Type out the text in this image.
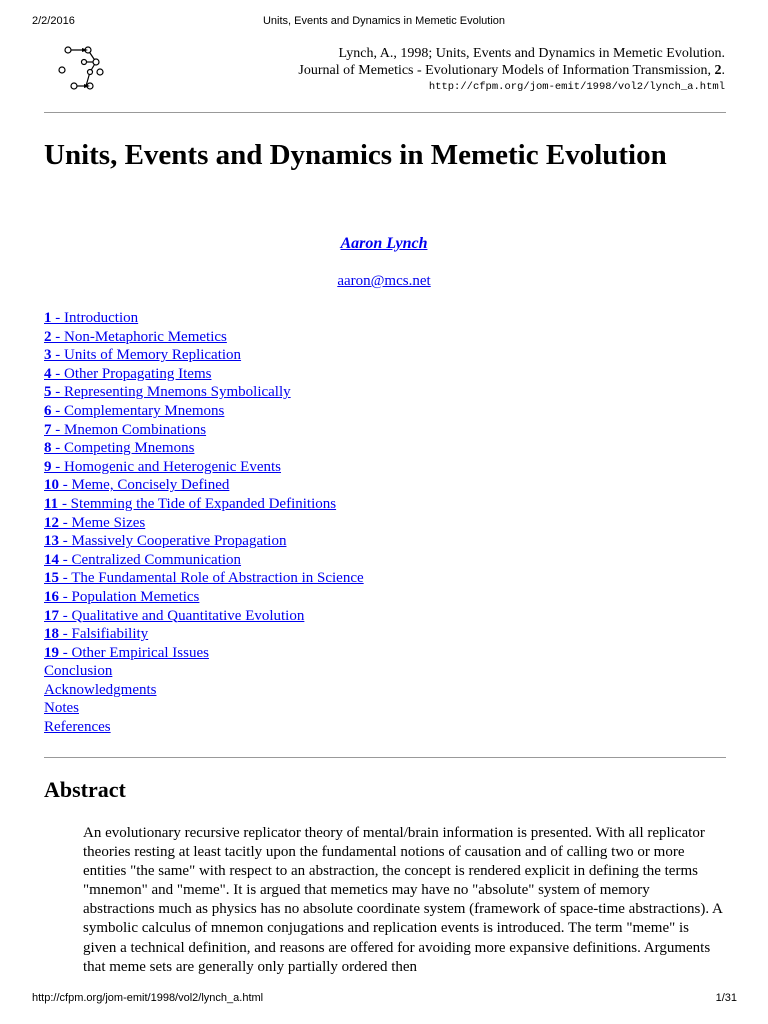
2/2/2016	Units, Events and Dynamics in Memetic Evolution
Lynch, A., 1998; Units, Events and Dynamics in Memetic Evolution.
Journal of Memetics - Evolutionary Models of Information Transmission, 2.
http://cfpm.org/jom-emit/1998/vol2/lynch_a.html
Units, Events and Dynamics in Memetic Evolution
Aaron Lynch
aaron@mcs.net
1 - Introduction
2 - Non-Metaphoric Memetics
3 - Units of Memory Replication
4 - Other Propagating Items
5 - Representing Mnemons Symbolically
6 - Complementary Mnemons
7 - Mnemon Combinations
8 - Competing Mnemons
9 - Homogenic and Heterogenic Events
10 - Meme, Concisely Defined
11 - Stemming the Tide of Expanded Definitions
12 - Meme Sizes
13 - Massively Cooperative Propagation
14 - Centralized Communication
15 - The Fundamental Role of Abstraction in Science
16 - Population Memetics
17 - Qualitative and Quantitative Evolution
18 - Falsifiability
19 - Other Empirical Issues
Conclusion
Acknowledgments
Notes
References
Abstract

An evolutionary recursive replicator theory of mental/brain information is presented. With all replicator theories resting at least tacitly upon the fundamental notions of causation and of calling two or more entities "the same" with respect to an abstraction, the concept is rendered explicit in defining the terms "mnemon" and "meme". It is argued that memetics may have no "absolute" system of memory abstractions much as physics has no absolute coordinate system (framework of space-time abstractions). A symbolic calculus of mnemon conjugations and replication events is introduced. The term "meme" is given a technical definition, and reasons are offered for avoiding more expansive definitions. Arguments that meme sets are generally only partially ordered then

http://cfpm.org/jom-emit/1998/vol2/lynch_a.html	1/31
